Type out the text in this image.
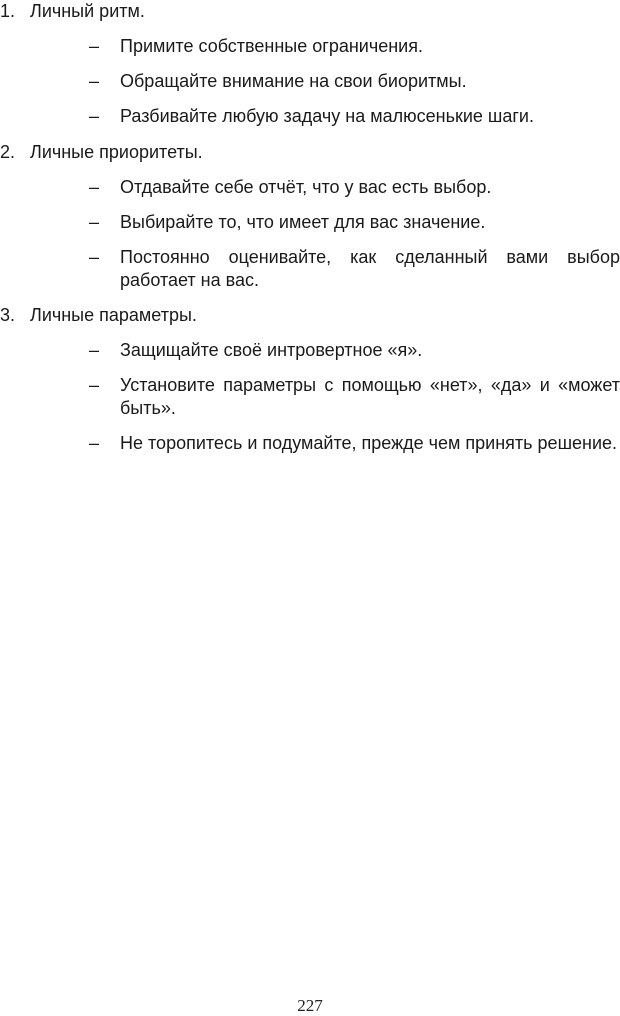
1. Личный ритм.
– Примите собственные ограничения.
– Обращайте внимание на свои биоритмы.
– Разбивайте любую задачу на малюсенькие шаги.
2. Личные приоритеты.
– Отдавайте себе отчёт, что у вас есть выбор.
– Выбирайте то, что имеет для вас значение.
– Постоянно оценивайте, как сделанный вами выбор работает на вас.
3. Личные параметры.
– Защищайте своё интровертное «я».
– Установите параметры с помощью «нет», «да» и «может быть».
– Не торопитесь и подумайте, прежде чем принять решение.
227
